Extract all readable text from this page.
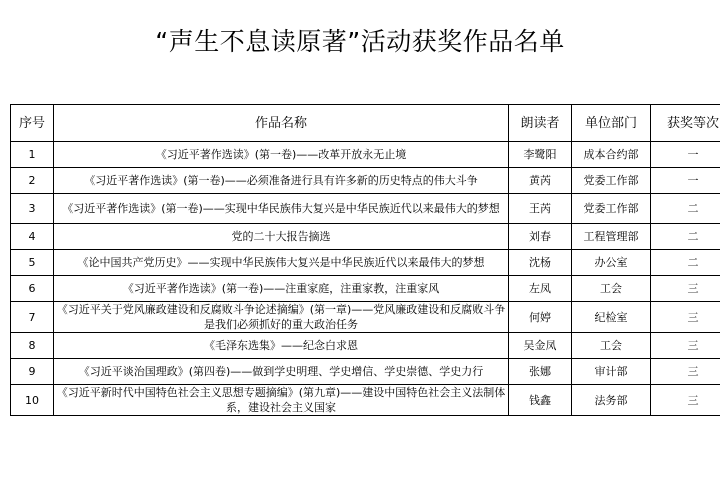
“声生不息读原著”活动获奖作品名单
序号	作品名称	朗读者	单位部门	获奖等次
1	《习近平著作选读》(第一卷)——改革开放永无止境	李鹭阳	成本合约部	一
2	《习近平著作选读》(第一卷)——必须准备进行具有许多新的历史特点的伟大斗争	黄芮	党委工作部	一
3	《习近平著作选读》(第一卷)——实现中华民族伟大复兴是中华民族近代以来最伟大的梦想	王芮	党委工作部	二
4	党的二十大报告摘选	刘春	工程管理部	二
5	《论中国共产党历史》——实现中华民族伟大复兴是中华民族近代以来最伟大的梦想	沈杨	办公室	二
6	《习近平著作选读》(第一卷)——注重家庭，注重家教，注重家风	左凤	工会	三
7	《习近平关于党风廉政建设和反腐败斗争论述摘编》(第一章)——党风廉政建设和反腐败斗争是我们必须抓好的重大政治任务	何婷	纪检室	三
8	《毛泽东选集》——纪念白求恩	吴金凤	工会	三
9	《习近平谈治国理政》(第四卷)——做到学史明理、学史增信、学史崇德、学史力行	张娜	审计部	三
10	《习近平新时代中国特色社会主义思想专题摘编》(第九章)——建设中国特色社会主义法制体系，建设社会主义国家	钱鑫	法务部	三
